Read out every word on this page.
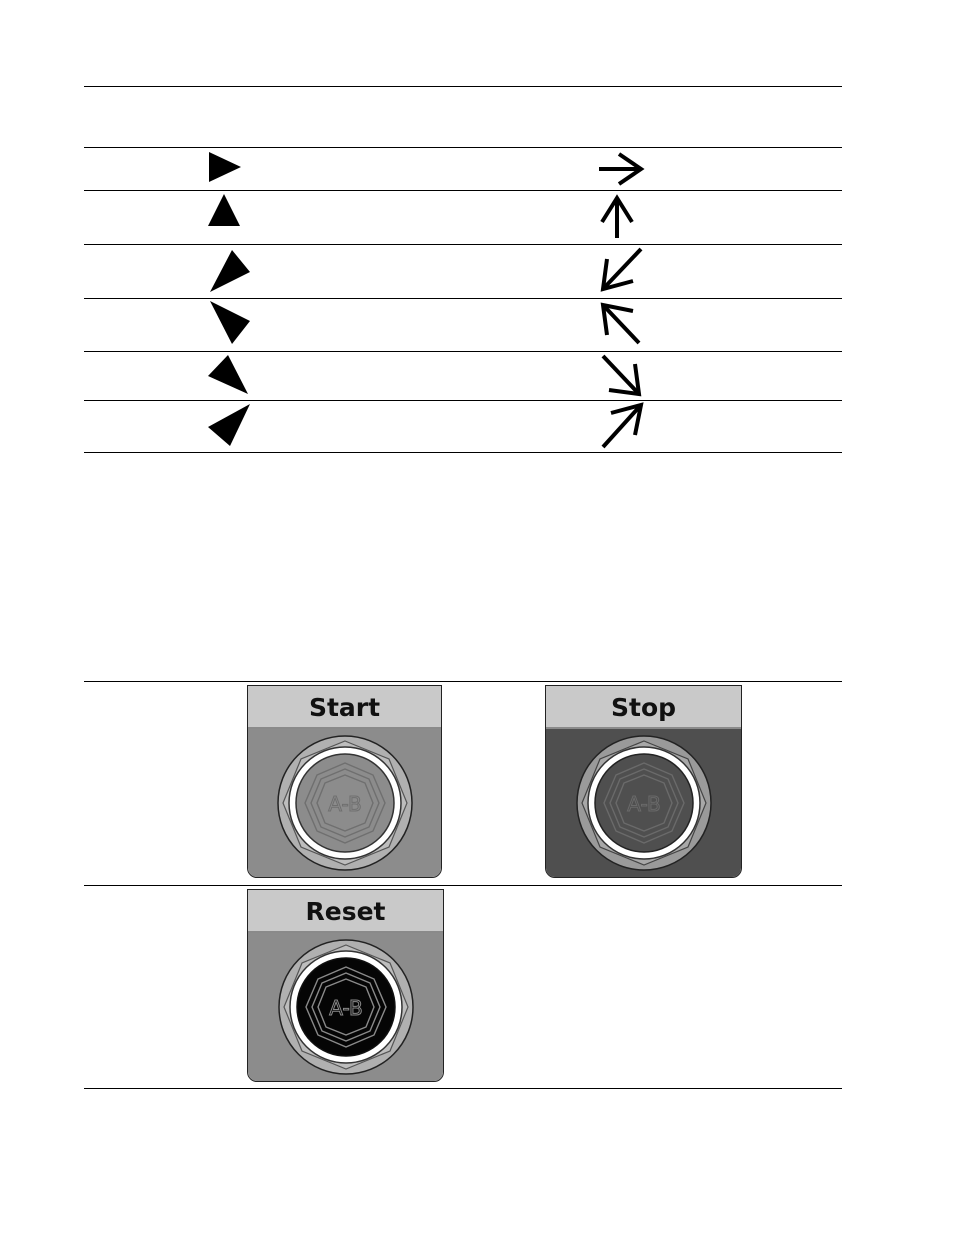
Start
A-B
Stop
A-B
Reset
A-B
